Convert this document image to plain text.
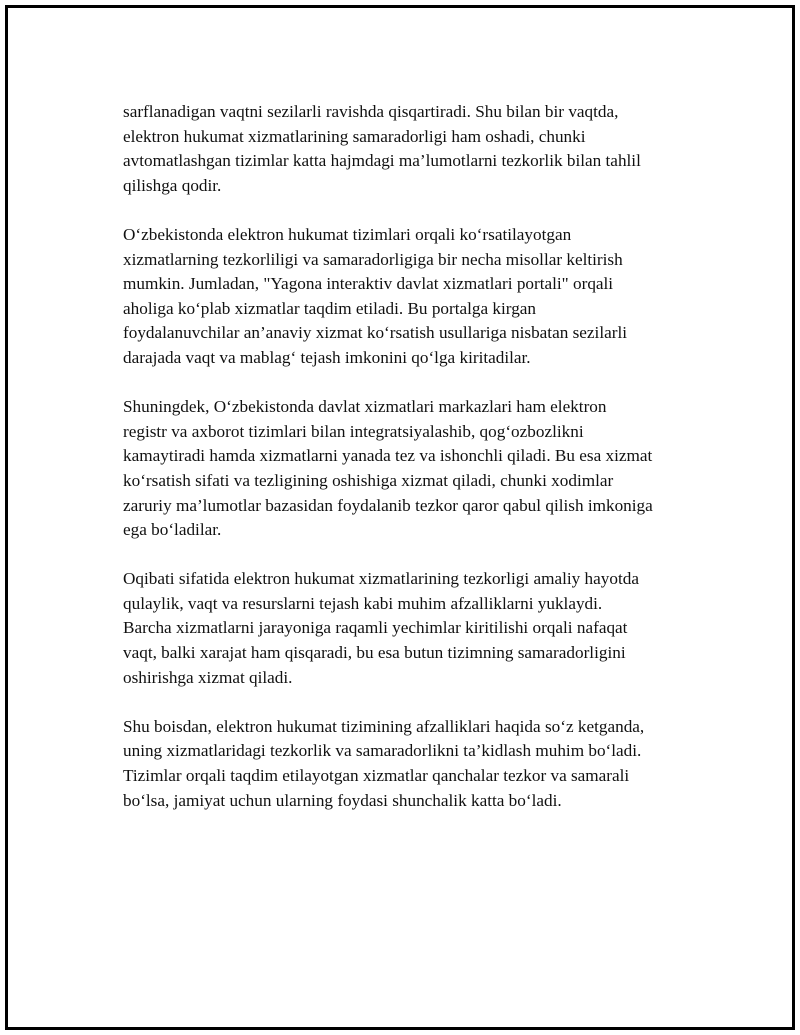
sarflanadigan vaqtni sezilarli ravishda qisqartiradi. Shu bilan bir vaqtda,
elektron hukumat xizmatlarining samaradorligi ham oshadi, chunki
avtomatlashgan tizimlar katta hajmdagi ma’lumotlarni tezkorlik bilan tahlil
qilishga qodir.

O‘zbekistonda elektron hukumat tizimlari orqali ko‘rsatilayotgan
xizmatlarning tezkorliligi va samaradorligiga bir necha misollar keltirish
mumkin. Jumladan, "Yagona interaktiv davlat xizmatlari portali" orqali
aholiga ko‘plab xizmatlar taqdim etiladi. Bu portalga kirgan
foydalanuvchilar an’anaviy xizmat ko‘rsatish usullariga nisbatan sezilarli
darajada vaqt va mablag‘ tejash imkonini qo‘lga kiritadilar.

Shuningdek, O‘zbekistonda davlat xizmatlari markazlari ham elektron
registr va axborot tizimlari bilan integratsiyalashib, qog‘ozbozlikni
kamaytiradi hamda xizmatlarni yanada tez va ishonchli qiladi. Bu esa xizmat
ko‘rsatish sifati va tezligining oshishiga xizmat qiladi, chunki xodimlar
zaruriy ma’lumotlar bazasidan foydalanib tezkor qaror qabul qilish imkoniga
ega bo‘ladilar.

Oqibati sifatida elektron hukumat xizmatlarining tezkorligi amaliy hayotda
qulaylik, vaqt va resurslarni tejash kabi muhim afzalliklarni yuklaydi.
Barcha xizmatlarni jarayoniga raqamli yechimlar kiritilishi orqali nafaqat
vaqt, balki xarajat ham qisqaradi, bu esa butun tizimning samaradorligini
oshirishga xizmat qiladi.

Shu boisdan, elektron hukumat tizimining afzalliklari haqida so‘z ketganda,
uning xizmatlaridagi tezkorlik va samaradorlikni ta’kidlash muhim bo‘ladi.
Tizimlar orqali taqdim etilayotgan xizmatlar qanchalar tezkor va samarali
bo‘lsa, jamiyat uchun ularning foydasi shunchalik katta bo‘ladi.
